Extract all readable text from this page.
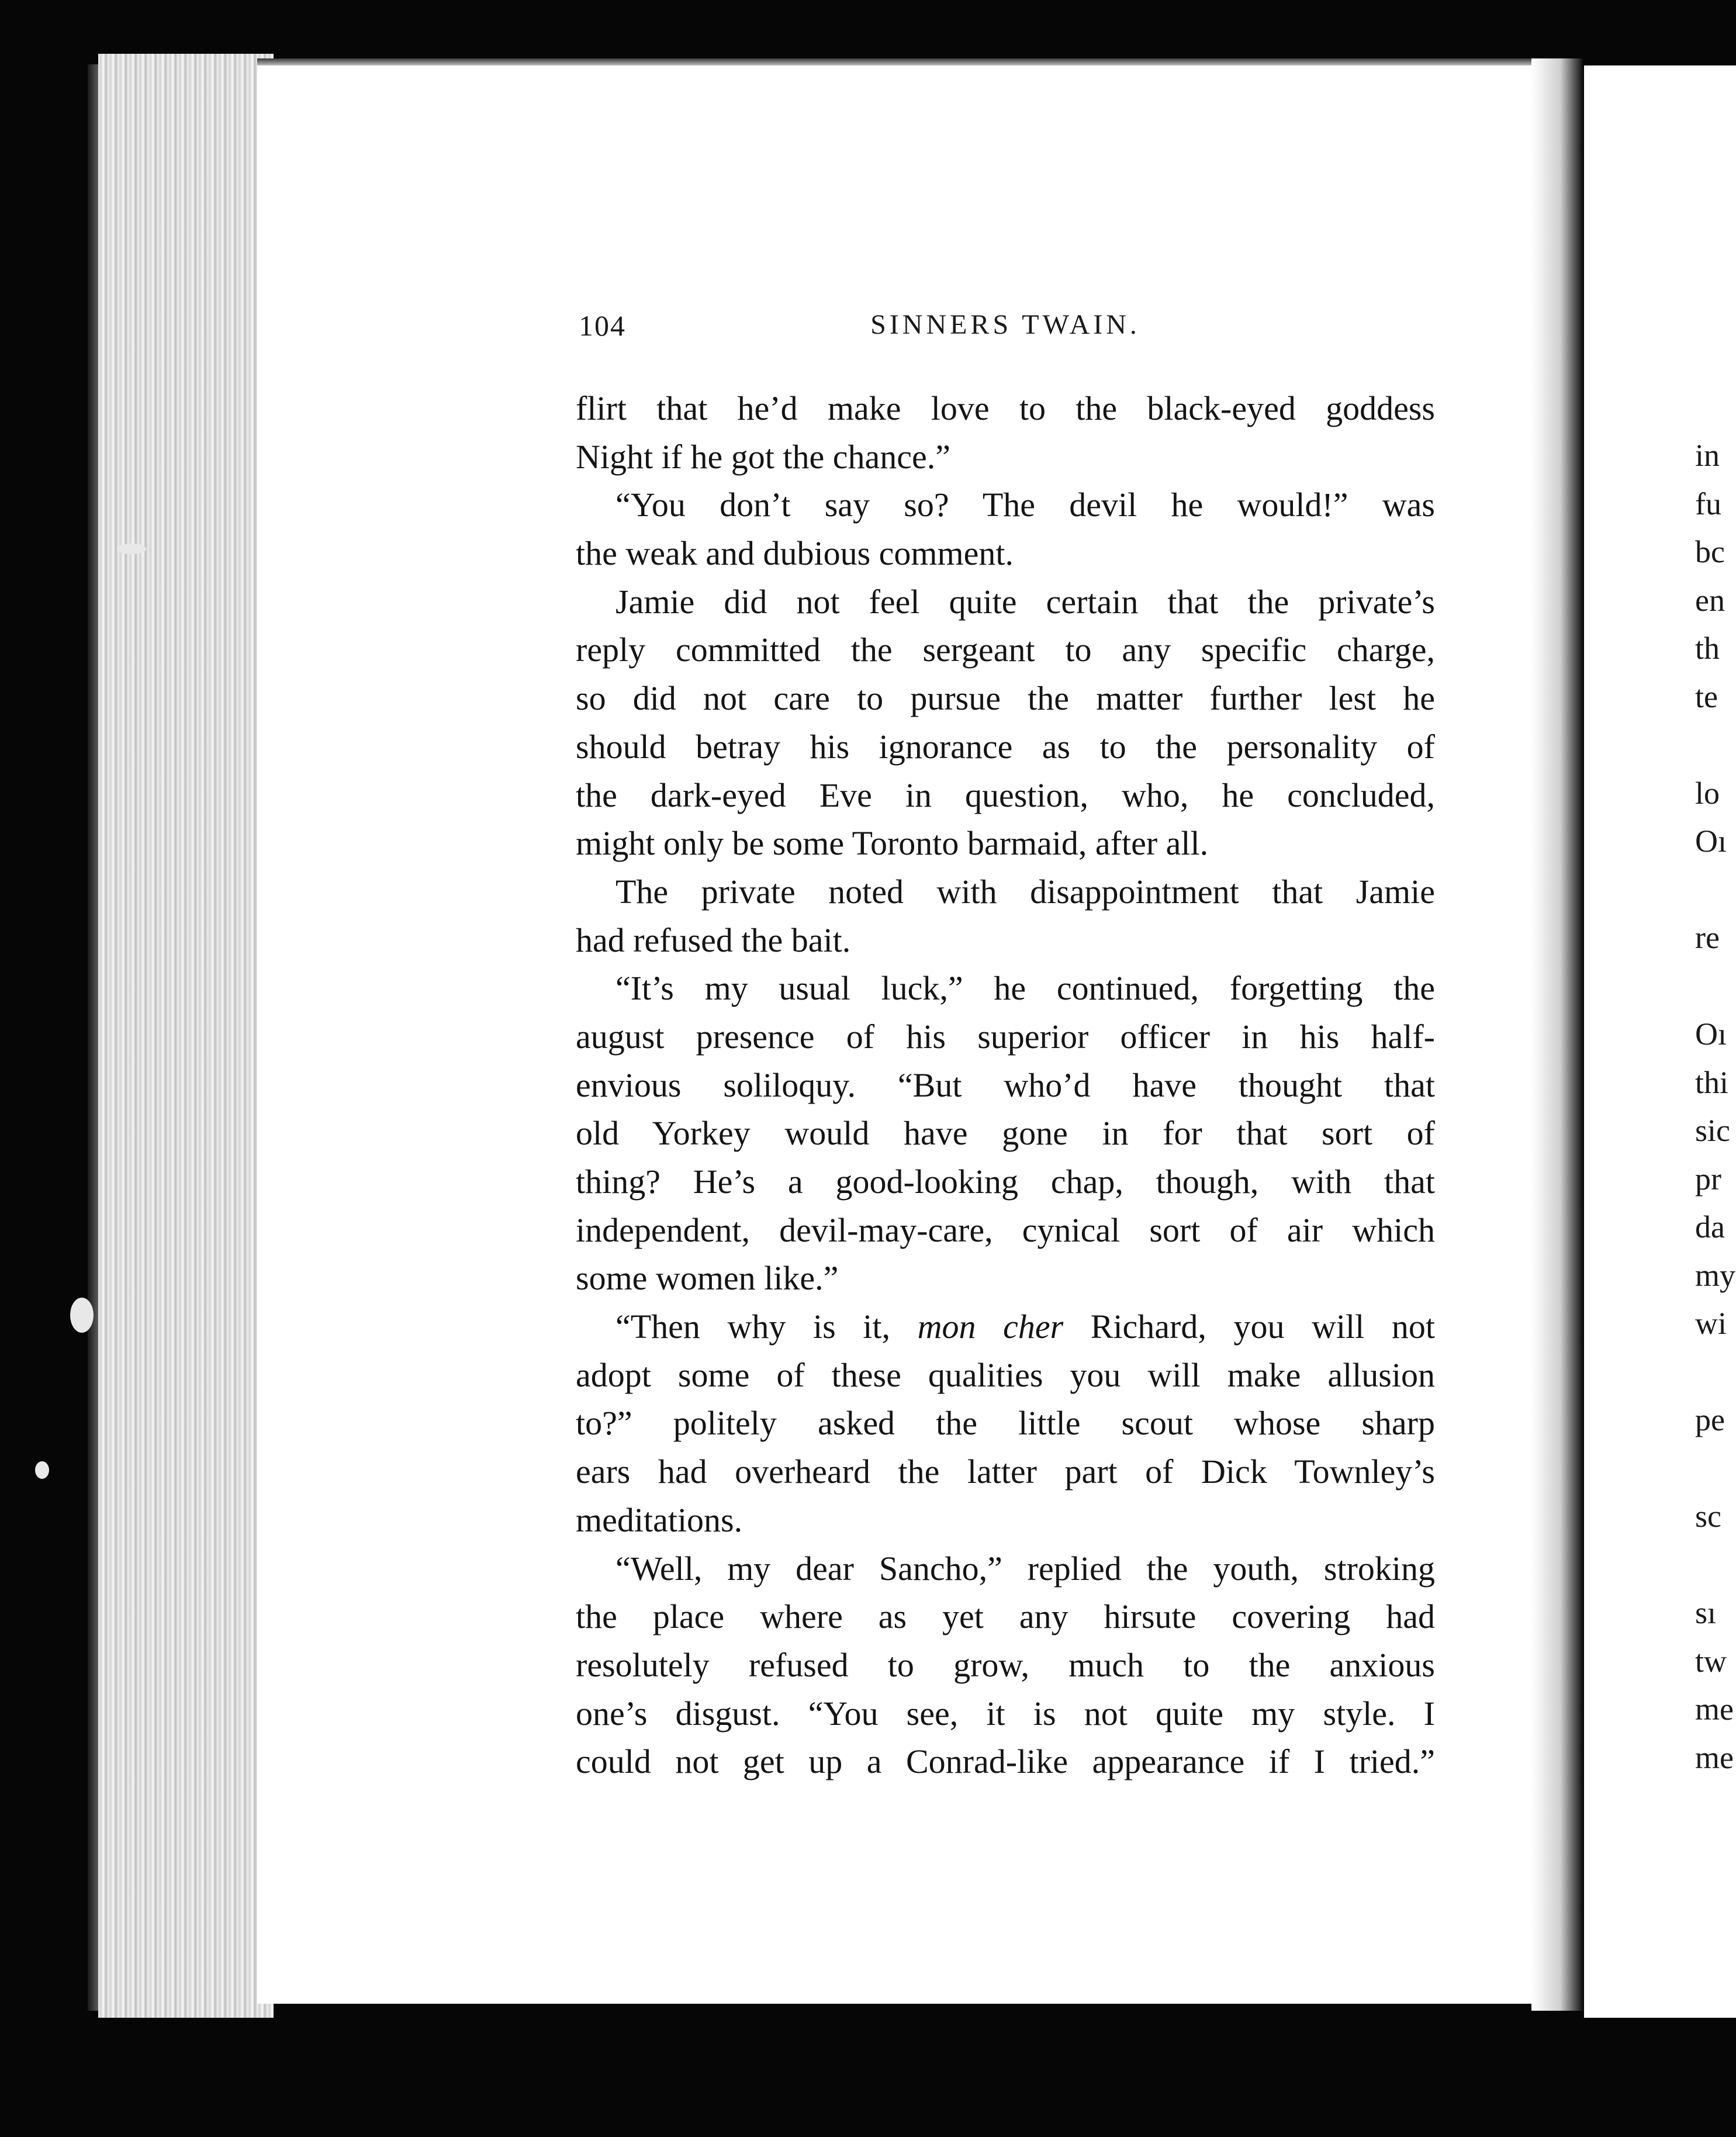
104	SINNERS TWAIN.
flirt that he’d make love to the black-eyed goddess
Night if he got the chance.”
“You don’t say so? The devil he would!” was
the weak and dubious comment.
Jamie did not feel quite certain that the private’s
reply committed the sergeant to any specific charge,
so did not care to pursue the matter further lest he
should betray his ignorance as to the personality of
the dark-eyed Eve in question, who, he concluded,
might only be some Toronto barmaid, after all.
The private noted with disappointment that Jamie
had refused the bait.
“It’s my usual luck,” he continued, forgetting the
august presence of his superior officer in his half-
envious soliloquy. “But who’d have thought that
old Yorkey would have gone in for that sort of
thing? He’s a good-looking chap, though, with that
independent, devil-may-care, cynical sort of air which
some women like.”
“Then why is it, mon cher Richard, you will not
adopt some of these qualities you will make allusion
to?” politely asked the little scout whose sharp
ears had overheard the latter part of Dick Townley’s
meditations.
“Well, my dear Sancho,” replied the youth, stroking
the place where as yet any hirsute covering had
resolutely refused to grow, much to the anxious
one’s disgust. “You see, it is not quite my style. I
could not get up a Conrad-like appearance if I tried.”
in
fu
bc
en
th
te
lo
Oı
re
Oı
thi
sic
pr
da
my
wi
pe
sc
sı
tw
me
me
